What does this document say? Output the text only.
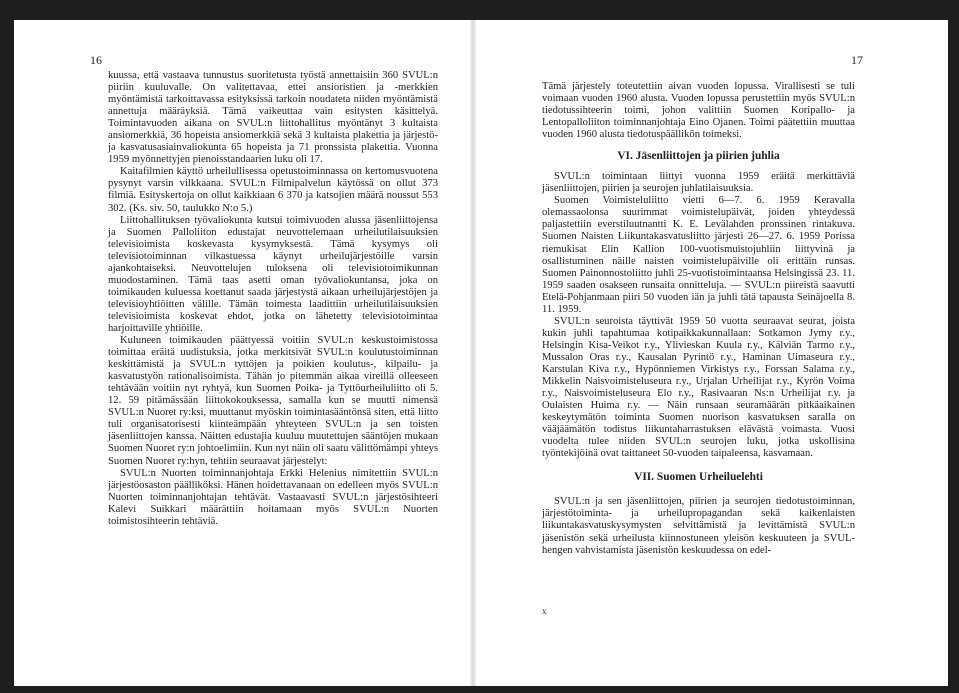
16

kuussa, että vastaava tunnustus suoritetusta työstä annettaisiin 360 SVUL:n piiriin kuuluvalle. On valitettavaa, ettei ansioristien ja -merkkien myöntämistä tarkoittavassa esityksissä tarkoin noudateta niiden myöntämistä annettuja määräyksiä. Tämä vaikeuttaa vain esitysten käsittelyä. Toimintavuoden aikana on SVUL:n liittohallitus myöntänyt 3 kultaista ansiomerkkiä, 36 hopeista ansiomerkkiä sekä 3 kultaista plakettia ja järjestö- ja kasvatusasiainvaliokunta 65 hopeista ja 71 pronssista plakettia. Vuonna 1959 myönnettyjen pienoisstandaarien luku oli 17.

Kaitafilmien käyttö urheilullisessa opetustoiminnassa on kertomusvuotena pysynyt varsin vilkkaana. SVUL:n Filmipalvelun käytössä on ollut 373 filmiä. Esityskertoja on ollut kaikkiaan 6 370 ja katsojien määrä noussut 553 302. (Ks. siv. 50, taulukko N:o 5.)

Liittohallituksen työvaliokunta kutsui toimivuoden alussa jäsenliittojensa ja Suomen Palloliiton edustajat neuvottelemaan urheilutilaisuuksien televisioimista koskevasta kysymyksestä. Tämä kysymys oli televisiotoiminnan vilkastuessa käynyt urheilujärjestöille varsin ajankohtaiseksi. Neuvottelujen tuloksena oli televisiotoimikunnan muodostaminen. Tämä taas asetti oman työvaliokuntansa, joka on toimikauden kuluessa koettanut saada järjestystä aikaan urheilujärjestöjen ja televisioyhtiöitten välille. Tämän toimesta laadittiin urheilutilaisuuksien televisioimista koskevat ehdot, jotka on lähetetty televisiotoimintaa harjoittaville yhtiöille.

Kuluneen toimikauden päättyessä voitiin SVUL:n keskustoimistossa toimittaa eräitä uudistuksia, jotka merkitsivät SVUL:n koulutustoiminnan keskittämistä ja SVUL:n tyttöjen ja poikien koulutus-, kilpailu- ja kasvatustyön rationalisoimista. Tähän jo pitemmän aikaa vireillä olleeseen tehtävään voitiin nyt ryhtyä, kun Suomen Poika- ja Tyttöurheiluliitto oli 5. 12. 59 pitämässään liittokokouksessa, samalla kun se muutti nimensä SVUL:n Nuoret ry:ksi, muuttanut myöskin toimintasääntönsä siten, että liitto tuli organisatorisesti kiinteämpään yhteyteen SVUL:n ja sen toisten jäsenliittojen kanssa. Näitten edustajia kuuluu muutettujen sääntöjen mukaan Suomen Nuoret ry:n johtoelimiin. Kun nyt näin oli saatu välittömämpi yhteys Suomen Nuoret ry:hyn, tehtiin seuraavat järjestelyt:

SVUL:n Nuorten toiminnanjohtaja Erkki Helenius nimitettiin SVUL:n järjestöosaston päälliköksi. Hänen hoidettavanaan on edelleen myös SVUL:n Nuorten toiminnanjohtajan tehtävät. Vastaavasti SVUL:n järjestösihteeri Kalevi Suikkari määrättiin hoitamaan myös SVUL:n Nuorten toimistosihteerin tehtäviä.

17

Tämä järjestely toteutettiin aivan vuoden lopussa. Virallisesti se tuli voimaan vuoden 1960 alusta. Vuoden lopussa perustettiin myös SVUL:n tiedotussihteerin toimi, johon valittiin Suomen Koripallo- ja Lentopalloliiton toiminnanjohtaja Eino Ojanen. Toimi päätettiin muuttaa vuoden 1960 alusta tiedotuspäällikön toimeksi.

VI. Jäsenliittojen ja piirien juhlia

SVUL:n toimintaan liittyi vuonna 1959 eräitä merkittäviä jäsenliittojen, piirien ja seurojen juhlatilaisuuksia.

Suomen Voimisteluliitto vietti 6—7. 6. 1959 Keravalla olemassaolonsa suurimmat voimistelupäivät, joiden yhteydessä paljastettiin everstiluutnantti K. E. Levälahden pronssinen rintakuva. Suomen Naisten Liikuntakasvatusliitto järjesti 26—27. 6. 1959 Porissa riemukisat Elin Kallion 100-vuotismuistojuhliin liittyvinä ja osallistuminen näille naisten voimistelupäiville oli erittäin runsas. Suomen Painonnostoliitto juhli 25-vuotistoimintaansa Helsingissä 23. 11. 1959 saaden osakseen runsaita onnitteluja. — SVUL:n piireistä saavutti Etelä-Pohjanmaan piiri 50 vuoden iän ja juhli tätä tapausta Seinäjoella 8. 11. 1959.

SVUL:n seuroista täyttivät 1959 50 vuotta seuraavat seurat, joista kukin juhli tapahtumaa kotipaikkakunnallaan: Sotkamon Jymy r.y., Helsingin Kisa-Veikot r.y., Ylivieskan Kuula r.y., Kälviän Tarmo r.y., Mussalon Oras r.y., Kausalan Pyrintö r.y., Haminan Uimaseura r.y., Karstulan Kiva r.y., Hypönniemen Virkistys r.y., Forssan Salama r.y., Mikkelin Naisvoimisteluseura r.y., Urjalan Urheilijat r.y., Kyrön Voima r.y., Naisvoimisteluseura Elo r.y., Rasivaaran Ns:n Urheilijat r.y. ja Oulaisten Huima r.y. — Näin runsaan seuramäärän pitkäaikainen keskeytymätön toiminta Suomen nuorison kasvatuksen saralla on vääjäämätön todistus liikuntaharrastuksen elävästä voimasta. Vuosi vuodelta tulee niiden SVUL:n seurojen luku, jotka uskollisina työntekijöinä ovat taittaneet 50-vuoden taipaleensa, kasvamaan.

VII. Suomen Urheiluelehti

SVUL:n ja sen jäsenliittojen, piirien ja seurojen tiedotustoiminnan, järjestötoiminta- ja urheilupropagandan sekä kaikenlaisten liikuntakasvatuskysymysten selvittämistä ja levittämistä SVUL:n jäsenistön sekä urheilusta kiinnostuneen yleisön keskuuteen ja SVUL-hengen vahvistamista jäsenistön keskuudessa on edel-

x
